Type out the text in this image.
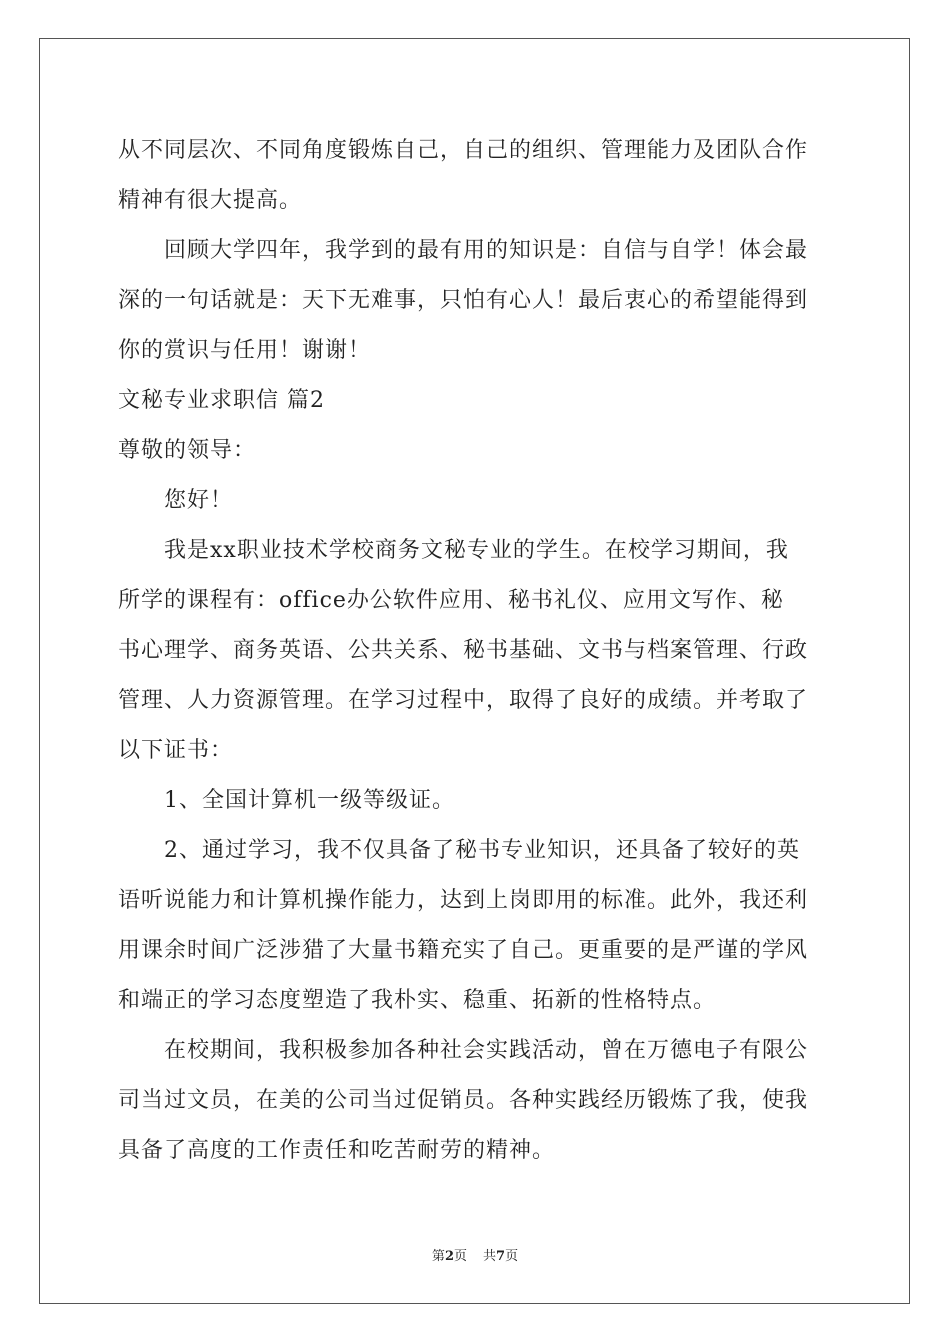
从不同层次、不同角度锻炼自己，自己的组织、管理能力及团队合作
精神有很大提高。
回顾大学四年，我学到的最有用的知识是：自信与自学！体会最
深的一句话就是：天下无难事，只怕有心人！最后衷心的希望能得到
你的赏识与任用！谢谢！
文秘专业求职信 篇2
尊敬的领导：
您好！
我是xx职业技术学校商务文秘专业的学生。在校学习期间，我
所学的课程有：office办公软件应用、秘书礼仪、应用文写作、秘
书心理学、商务英语、公共关系、秘书基础、文书与档案管理、行政
管理、人力资源管理。在学习过程中，取得了良好的成绩。并考取了
以下证书：
1、全国计算机一级等级证。
2、通过学习，我不仅具备了秘书专业知识，还具备了较好的英
语听说能力和计算机操作能力，达到上岗即用的标准。此外，我还利
用课余时间广泛涉猎了大量书籍充实了自己。更重要的是严谨的学风
和端正的学习态度塑造了我朴实、稳重、拓新的性格特点。
在校期间，我积极参加各种社会实践活动，曾在万德电子有限公
司当过文员，在美的公司当过促销员。各种实践经历锻炼了我，使我
具备了高度的工作责任和吃苦耐劳的精神。
第2页 共7页
